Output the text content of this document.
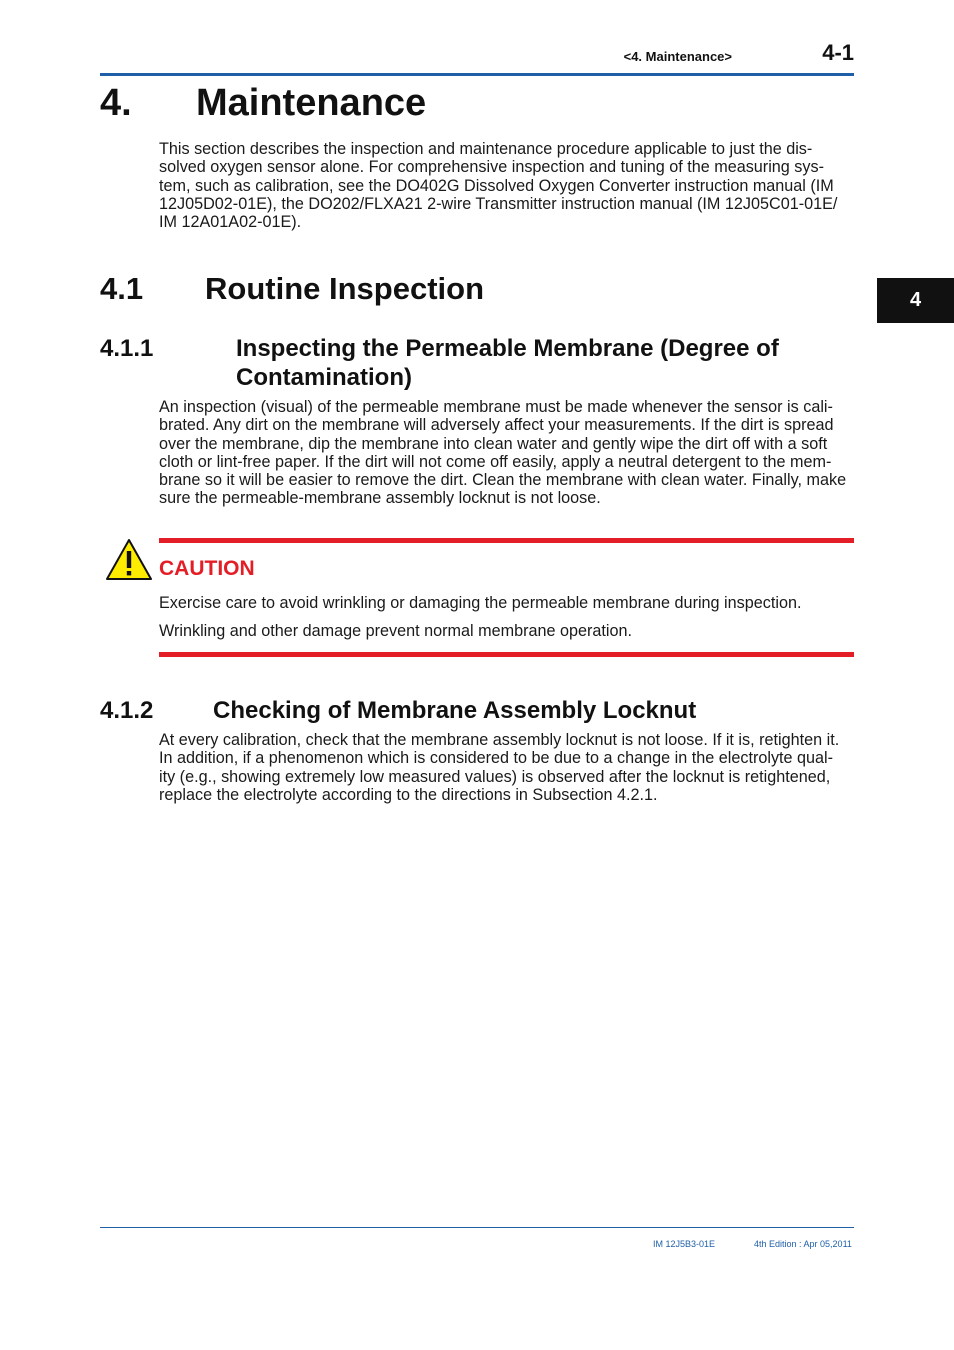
<4. Maintenance>	4-1
4. Maintenance
This section describes the inspection and maintenance procedure applicable to just the dis-
solved oxygen sensor alone. For comprehensive inspection and tuning of the measuring sys-
tem, such as calibration, see the DO402G Dissolved Oxygen Converter instruction manual (IM
12J05D02-01E), the DO202/FLXA21 2-wire Transmitter instruction manual (IM 12J05C01-01E/
IM 12A01A02-01E).
4
4.1 Routine Inspection
4.1.1	Inspecting the Permeable Membrane (Degree of
Contamination)
An inspection (visual) of the permeable membrane must be made whenever the sensor is cali-
brated. Any dirt on the membrane will adversely affect your measurements. If the dirt is spread
over the membrane, dip the membrane into clean water and gently wipe the dirt off with a soft
cloth or lint-free paper. If the dirt will not come off easily, apply a neutral detergent to the mem-
brane so it will be easier to remove the dirt. Clean the membrane with clean water. Finally, make
sure the permeable-membrane assembly locknut is not loose.
CAUTION
Exercise care to avoid wrinkling or damaging the permeable membrane during inspection.
Wrinkling and other damage prevent normal membrane operation.
4.1.2 Checking of Membrane Assembly Locknut
At every calibration, check that the membrane assembly locknut is not loose. If it is, retighten it.
In addition, if a phenomenon which is considered to be due to a change in the electrolyte qual-
ity (e.g., showing extremely low measured values) is observed after the locknut is retightened,
replace the electrolyte according to the directions in Subsection 4.2.1.
IM 12J5B3-01E	4th Edition : Apr 05,2011
